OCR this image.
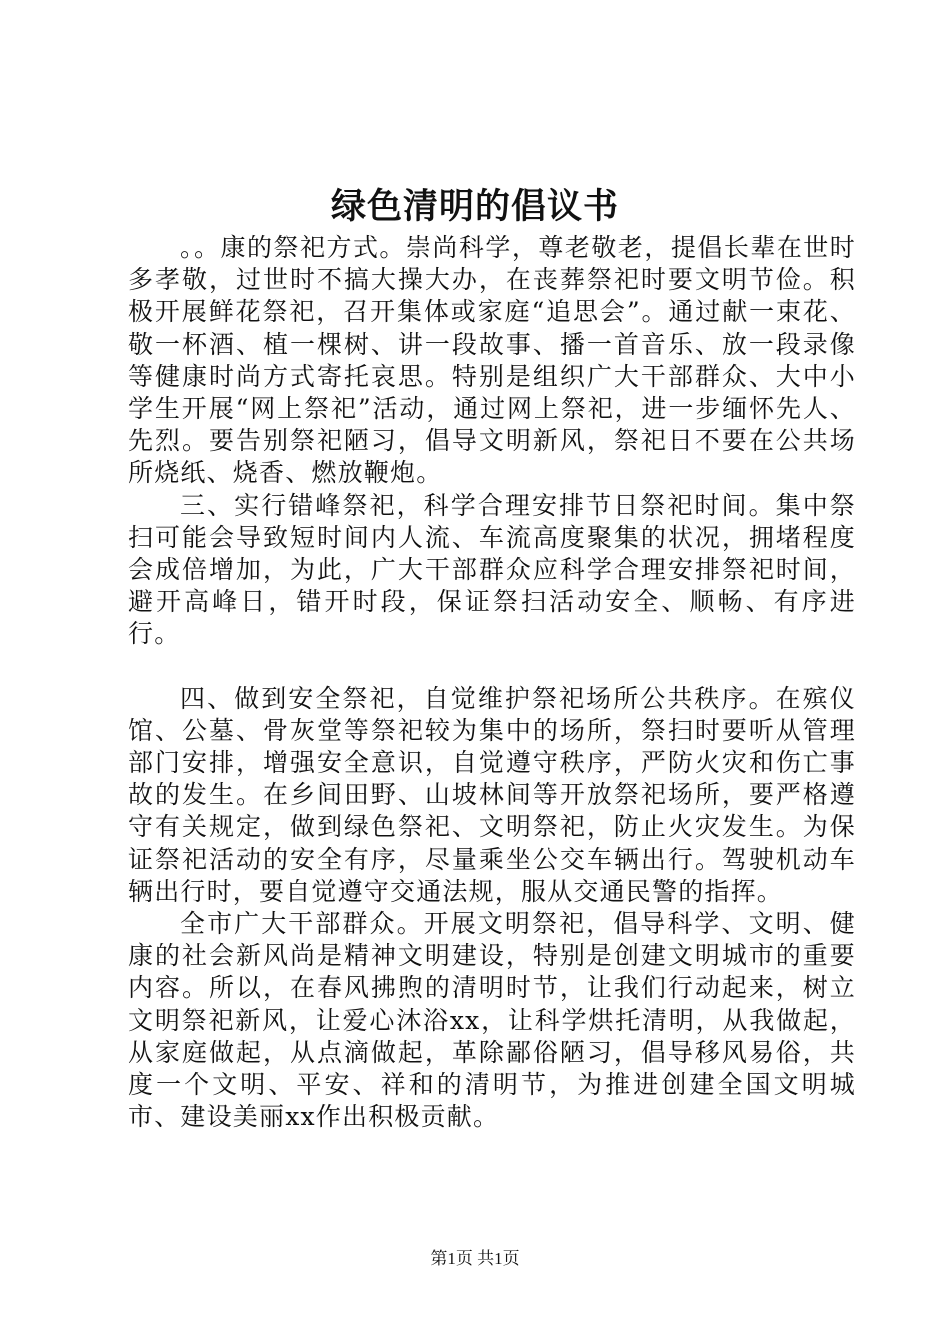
绿色清明的倡议书

。。康的祭祀方式。崇尚科学，尊老敬老，提倡长辈在世时多孝敬，过世时不搞大操大办，在丧葬祭祀时要文明节俭。积极开展鲜花祭祀，召开集体或家庭“追思会”。通过献一束花、敬一杯酒、植一棵树、讲一段故事、播一首音乐、放一段录像等健康时尚方式寄托哀思。特别是组织广大干部群众、大中小学生开展“网上祭祀”活动，通过网上祭祀，进一步缅怀先人、先烈。要告别祭祀陋习，倡导文明新风，祭祀日不要在公共场所烧纸、烧香、燃放鞭炮。

三、实行错峰祭祀，科学合理安排节日祭祀时间。集中祭扫可能会导致短时间内人流、车流高度聚集的状况，拥堵程度会成倍增加，为此，广大干部群众应科学合理安排祭祀时间，避开高峰日，错开时段，保证祭扫活动安全、顺畅、有序进行。

四、做到安全祭祀，自觉维护祭祀场所公共秩序。在殡仪馆、公墓、骨灰堂等祭祀较为集中的场所，祭扫时要听从管理部门安排，增强安全意识，自觉遵守秩序，严防火灾和伤亡事故的发生。在乡间田野、山坡林间等开放祭祀场所，要严格遵守有关规定，做到绿色祭祀、文明祭祀，防止火灾发生。为保证祭祀活动的安全有序，尽量乘坐公交车辆出行。驾驶机动车辆出行时，要自觉遵守交通法规，服从交通民警的指挥。

全市广大干部群众。开展文明祭祀，倡导科学、文明、健康的社会新风尚是精神文明建设，特别是创建文明城市的重要内容。所以，在春风拂煦的清明时节，让我们行动起来，树立文明祭祀新风，让爱心沐浴xx，让科学烘托清明，从我做起，从家庭做起，从点滴做起，革除鄙俗陋习，倡导移风易俗，共度一个文明、平安、祥和的清明节，为推进创建全国文明城市、建设美丽xx作出积极贡献。

第1页 共1页
